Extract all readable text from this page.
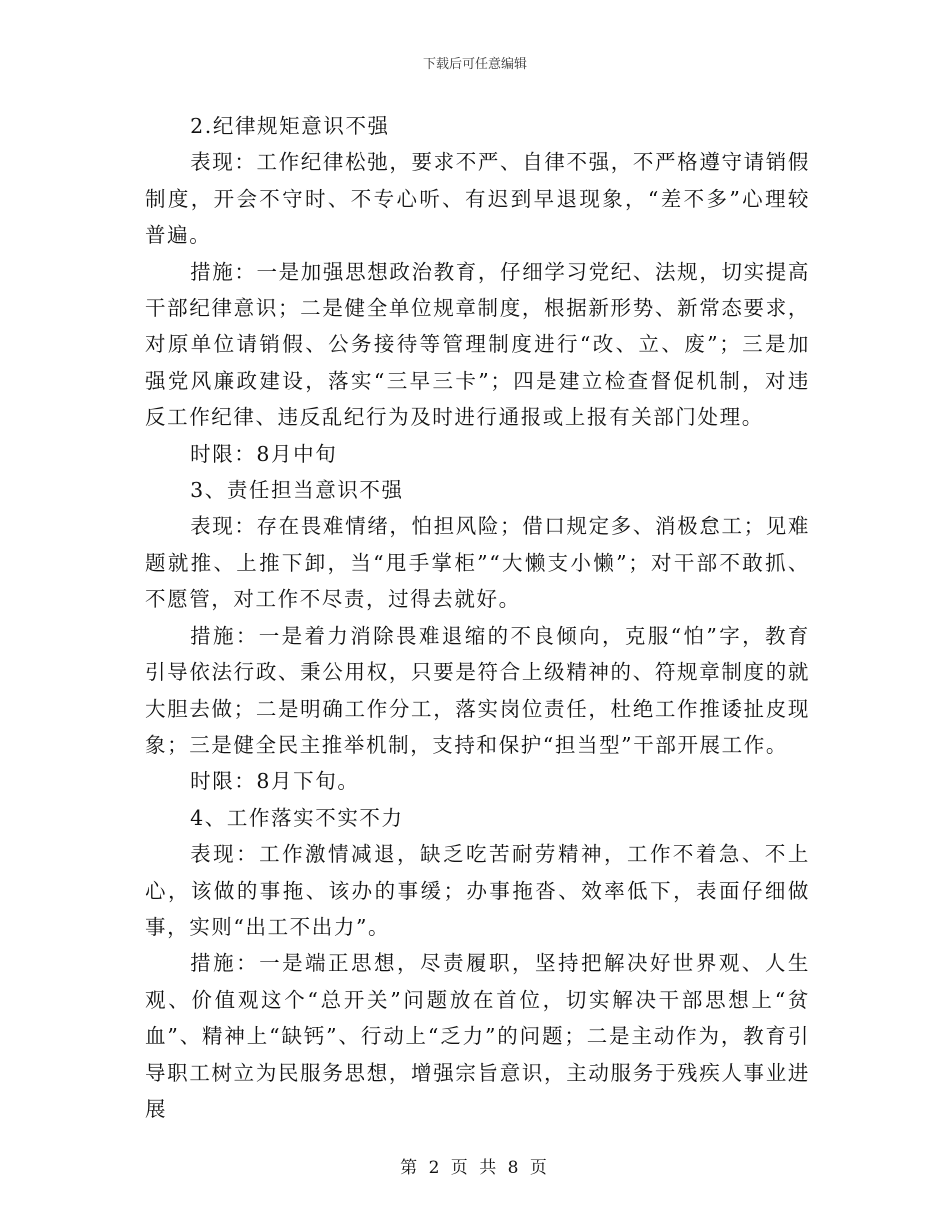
下载后可任意编辑

2.纪律规矩意识不强

表现：工作纪律松弛，要求不严、自律不强，不严格遵守请销假制度，开会不守时、不专心听、有迟到早退现象，“差不多”心理较普遍。

措施：一是加强思想政治教育，仔细学习党纪、法规，切实提高干部纪律意识；二是健全单位规章制度，根据新形势、新常态要求，对原单位请销假、公务接待等管理制度进行“改、立、废”；三是加强党风廉政建设，落实“三早三卡”；四是建立检查督促机制，对违反工作纪律、违反乱纪行为及时进行通报或上报有关部门处理。

时限：8月中旬

3、责任担当意识不强

表现：存在畏难情绪，怕担风险；借口规定多、消极怠工；见难题就推、上推下卸，当“甩手掌柜”“大懒支小懒”；对干部不敢抓、不愿管，对工作不尽责，过得去就好。

措施：一是着力消除畏难退缩的不良倾向，克服“怕”字，教育引导依法行政、秉公用权，只要是符合上级精神的、符规章制度的就大胆去做；二是明确工作分工，落实岗位责任，杜绝工作推诿扯皮现象；三是健全民主推举机制，支持和保护“担当型”干部开展工作。

时限：8月下旬。

4、工作落实不实不力

表现：工作激情减退，缺乏吃苦耐劳精神，工作不着急、不上心，该做的事拖、该办的事缓；办事拖沓、效率低下，表面仔细做事，实则“出工不出力”。

措施：一是端正思想，尽责履职，坚持把解决好世界观、人生观、价值观这个“总开关”问题放在首位，切实解决干部思想上“贫血”、精神上“缺钙”、行动上“乏力”的问题；二是主动作为，教育引导职工树立为民服务思想，增强宗旨意识，主动服务于残疾人事业进展

第 2 页 共 8 页
